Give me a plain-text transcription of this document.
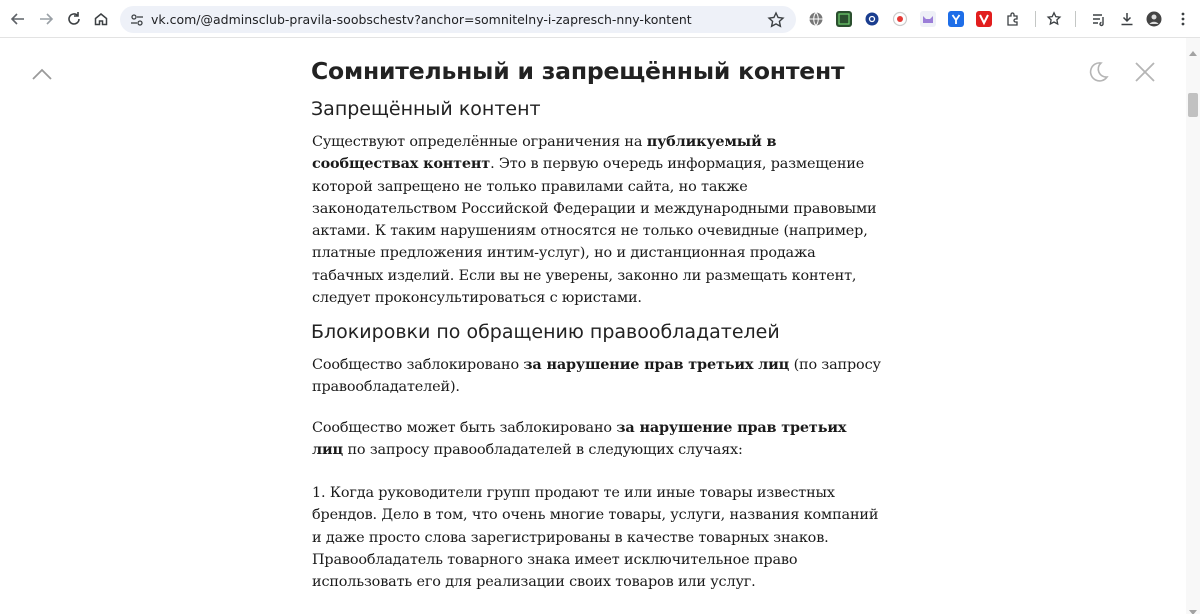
vk.com/@adminsclub-pravila-soobschestv?anchor=somnitelny-i-zapresch-nny-kontent
Сомнительный и запрещённый контент
Запрещённый контент

Существуют определённые ограничения на публикуемый в сообществах контент. Это в первую очередь информация, размещение которой запрещено не только правилами сайта, но также законодательством Российской Федерации и международными правовыми актами. К таким нарушениям относятся не только очевидные (например, платные предложения интим-услуг), но и дистанционная продажа табачных изделий. Если вы не уверены, законно ли размещать контент, следует проконсультироваться с юристами.

Блокировки по обращению правообладателей

Сообщество заблокировано за нарушение прав третьих лиц (по запросу правообладателей).

Сообщество может быть заблокировано за нарушение прав третьих лиц по запросу правообладателей в следующих случаях:

1. Когда руководители групп продают те или иные товары известных брендов. Дело в том, что очень многие товары, услуги, названия компаний и даже просто слова зарегистрированы в качестве товарных знаков. Правообладатель товарного знака имеет исключительное право использовать его для реализации своих товаров или услуг.
